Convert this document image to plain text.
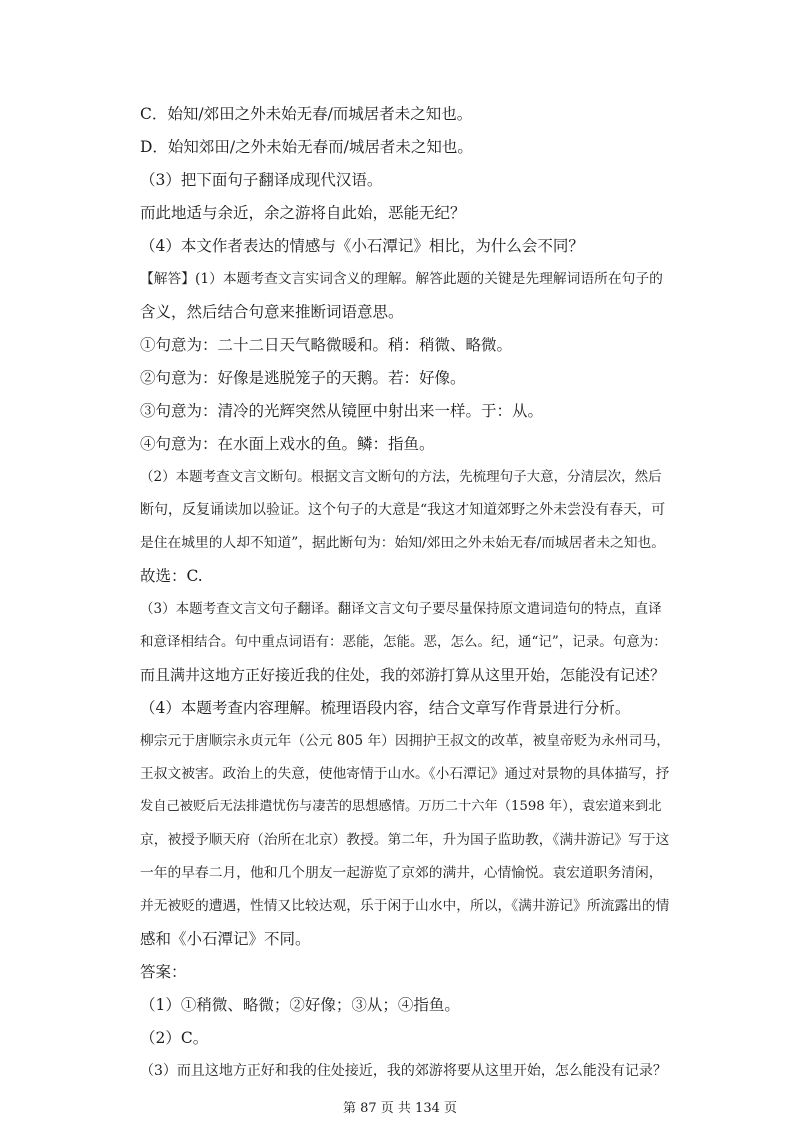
C．始知/郊田之外未始无春/而城居者未之知也。
D．始知郊田/之外未始无春而/城居者未之知也。
（3）把下面句子翻译成现代汉语。
而此地适与余近，余之游将自此始，恶能无纪？
（4）本文作者表达的情感与《小石潭记》相比，为什么会不同？
【解答】(1）本题考查文言实词含义的理解。解答此题的关键是先理解词语所在句子的
含义，然后结合句意来推断词语意思。
①句意为：二十二日天气略微暖和。稍：稍微、略微。
②句意为：好像是逃脱笼子的天鹅。若：好像。
③句意为：清冷的光辉突然从镜匣中射出来一样。于：从。
④句意为：在水面上戏水的鱼。鳞：指鱼。
（2）本题考查文言文断句。根据文言文断句的方法，先梳理句子大意，分清层次，然后
断句，反复诵读加以验证。这个句子的大意是“我这才知道郊野之外未尝没有春天，可
是住在城里的人却不知道”，据此断句为：始知/郊田之外未始无春/而城居者未之知也。
故选：C.
（3）本题考查文言文句子翻译。翻译文言文句子要尽量保持原文遣词造句的特点，直译
和意译相结合。句中重点词语有：恶能，怎能。恶，怎么。纪，通“记”，记录。句意为：
而且满井这地方正好接近我的住处，我的郊游打算从这里开始，怎能没有记述？
（4）本题考查内容理解。梳理语段内容，结合文章写作背景进行分析。
柳宗元于唐顺宗永贞元年（公元 805 年）因拥护王叔文的改革，被皇帝贬为永州司马，
王叔文被害。政治上的失意，使他寄情于山水。《小石潭记》通过对景物的具体描写，抒
发自己被贬后无法排遣忧伤与凄苦的思想感情。万历二十六年（1598 年），袁宏道来到北
京，被授予顺天府（治所在北京）教授。第二年，升为国子监助教，《满井游记》写于这
一年的早春二月，他和几个朋友一起游览了京郊的满井，心情愉悦。袁宏道职务清闲，
并无被贬的遭遇，性情又比较达观，乐于闲于山水中，所以，《满井游记》所流露出的情
感和《小石潭记》不同。
答案：
（1）①稍微、略微；②好像；③从；④指鱼。
（2）C。
（3）而且这地方正好和我的住处接近，我的郊游将要从这里开始，怎么能没有记录？
第 87 页 共 134 页
